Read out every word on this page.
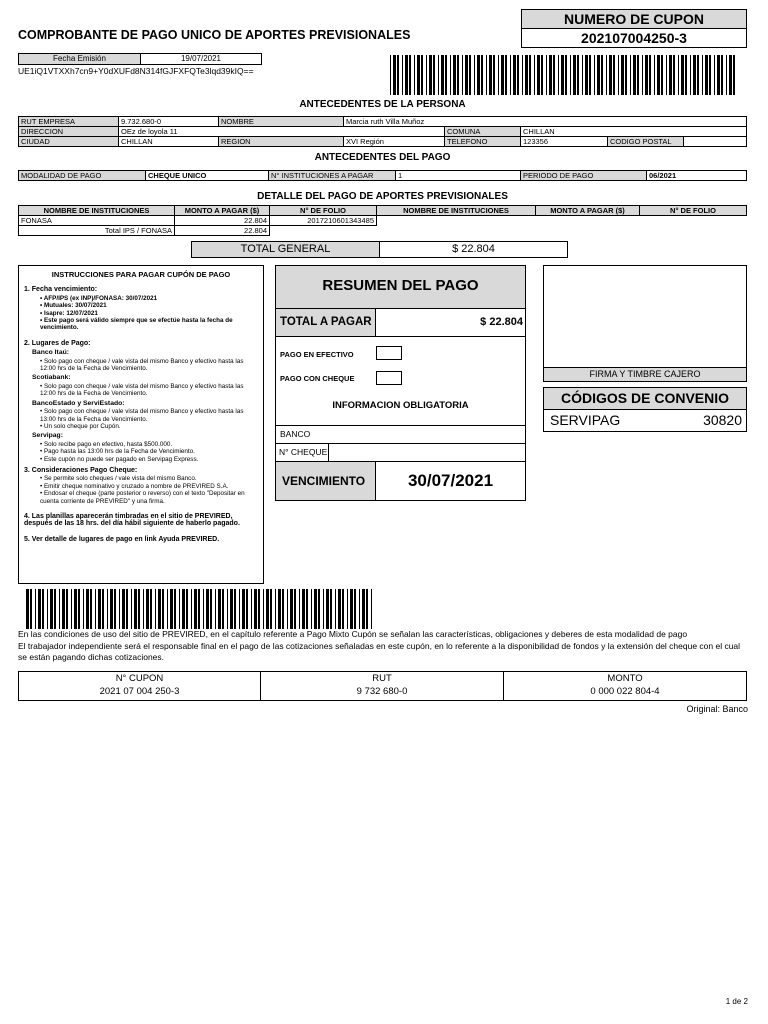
COMPROBANTE DE PAGO UNICO DE APORTES PREVISIONALES
NUMERO DE CUPON
202107004250-3
Fecha Emisión	19/07/2021
UE1iQ1VTXXh7cn9+Y0dXUFd8N314fGJFXFQTe3lqd39kIQ==
ANTECEDENTES DE LA PERSONA
RUT EMPRESA	9.732.680-0	NOMBRE	Marcia ruth Villa Muñoz
DIRECCION	OEz de loyola 11	COMUNA	CHILLAN
CIUDAD	CHILLAN	REGION	XVI Región	TELEFONO	123356	CODIGO POSTAL
ANTECEDENTES DEL PAGO
MODALIDAD DE PAGO	CHEQUE UNICO	N° INSTITUCIONES A PAGAR	1	PERIODO DE PAGO	06/2021
DETALLE DEL PAGO DE APORTES PREVISIONALES
NOMBRE DE INSTITUCIONES	MONTO A PAGAR ($)	N° DE FOLIO	NOMBRE DE INSTITUCIONES	MONTO A PAGAR ($)	N° DE FOLIO
FONASA	22.804	2017210601343485
Total IPS / FONASA	22.804
TOTAL GENERAL	$ 22.804
INSTRUCCIONES PARA PAGAR CUPÓN DE PAGO
1. Fecha vencimiento:
• AFP/IPS (ex INP)/FONASA: 30/07/2021
• Mutuales: 30/07/2021
• Isapre: 12/07/2021
• Este pago será válido siempre que se efectúe hasta la fecha de vencimiento.
2. Lugares de Pago:
Banco Itaú:
• Solo pago con cheque / vale vista del mismo Banco y efectivo hasta las 12:00 hrs de la Fecha de Vencimiento.
Scotiabank:
• Solo pago con cheque / vale vista del mismo Banco y efectivo hasta las 12:00 hrs de la Fecha de Vencimiento.
BancoEstado y ServiEstado:
• Solo pago con cheque / vale vista del mismo Banco y efectivo hasta las 13:00 hrs de la Fecha de Vencimiento.
• Un solo cheque por Cupón.
Servipag:
• Solo recibe pago en efectivo, hasta $500.000.
• Pago hasta las 13:00 hrs de la Fecha de Vencimiento.
• Este cupón no puede ser pagado en Servipag Express.
3. Consideraciones Pago Cheque:
• Se permite solo cheques / vale vista del mismo Banco.
• Emitir cheque nominativo y cruzado a nombre de PREVIRED S.A.
• Endosar el cheque (parte posterior o reverso) con el texto "Depositar en cuenta corriente de PREVIRED" y una firma.
4. Las planillas aparecerán timbradas en el sitio de PREVIRED, después de las 18 hrs. del día hábil siguiente de haberlo pagado.
5. Ver detalle de lugares de pago en link Ayuda PREVIRED.
RESUMEN DEL PAGO
TOTAL A PAGAR	$ 22.804
PAGO EN EFECTIVO
PAGO CON CHEQUE
INFORMACION OBLIGATORIA
BANCO
N° CHEQUE
VENCIMIENTO	30/07/2021
FIRMA Y TIMBRE CAJERO
CÓDIGOS DE CONVENIO
SERVIPAG	30820
En las condiciones de uso del sitio de PREVIRED, en el capítulo referente a Pago Mixto Cupón se señalan las características, obligaciones y deberes de esta modalidad de pago
El trabajador independiente será el responsable final en el pago de las cotizaciones señaladas en este cupón, en lo referente a la disponibilidad de fondos y la extensión del cheque con el cual se están pagando dichas cotizaciones.
N° CUPON
2021 07 004 250-3
RUT
9 732 680-0
MONTO
0 000 022 804-4
Original: Banco
1 de 2
